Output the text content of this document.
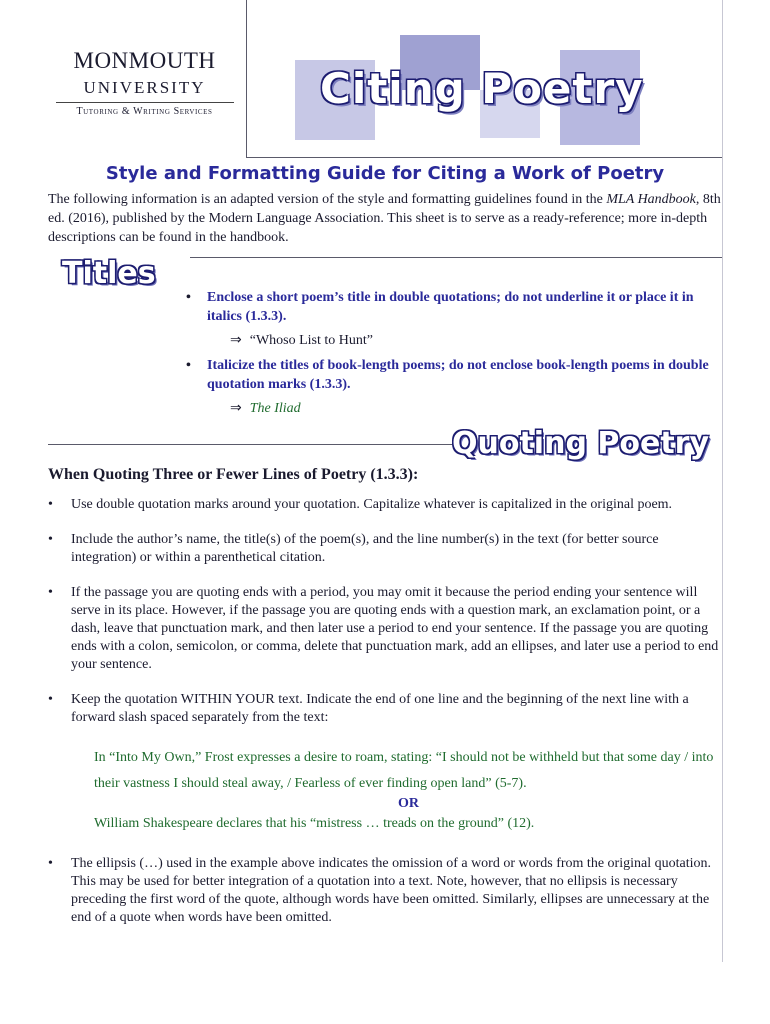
MONMOUTH
UNIVERSITY
Tutoring & Writing Services	Citing Poetry
Style and Formatting Guide for Citing a Work of Poetry
The following information is an adapted version of the style and formatting guidelines found in the MLA Handbook, 8th ed. (2016), published by the Modern Language Association. This sheet is to serve as a ready-reference; more in-depth descriptions can be found in the handbook.
Titles
• Enclose a short poem’s title in double quotations; do not underline it or place it in italics (1.3.3).
⇒ “Whoso List to Hunt”
• Italicize the titles of book-length poems; do not enclose book-length poems in double quotation marks (1.3.3).
⇒ The Iliad
Quoting Poetry
When Quoting Three or Fewer Lines of Poetry (1.3.3):
• Use double quotation marks around your quotation. Capitalize whatever is capitalized in the original poem.
• Include the author’s name, the title(s) of the poem(s), and the line number(s) in the text (for better source integration) or within a parenthetical citation.
• If the passage you are quoting ends with a period, you may omit it because the period ending your sentence will serve in its place. However, if the passage you are quoting ends with a question mark, an exclamation point, or a dash, leave that punctuation mark, and then later use a period to end your sentence. If the passage you are quoting ends with a colon, semicolon, or comma, delete that punctuation mark, add an ellipses, and later use a period to end your sentence.
• Keep the quotation WITHIN YOUR text. Indicate the end of one line and the beginning of the next line with a forward slash spaced separately from the text:
In “Into My Own,” Frost expresses a desire to roam, stating: “I should not be withheld but that some day / into their vastness I should steal away, / Fearless of ever finding open land” (5-7).
OR
William Shakespeare declares that his “mistress … treads on the ground” (12).
• The ellipsis (…) used in the example above indicates the omission of a word or words from the original quotation. This may be used for better integration of a quotation into a text. Note, however, that no ellipsis is necessary preceding the first word of the quote, although words have been omitted. Similarly, ellipses are unnecessary at the end of a quote when words have been omitted.
